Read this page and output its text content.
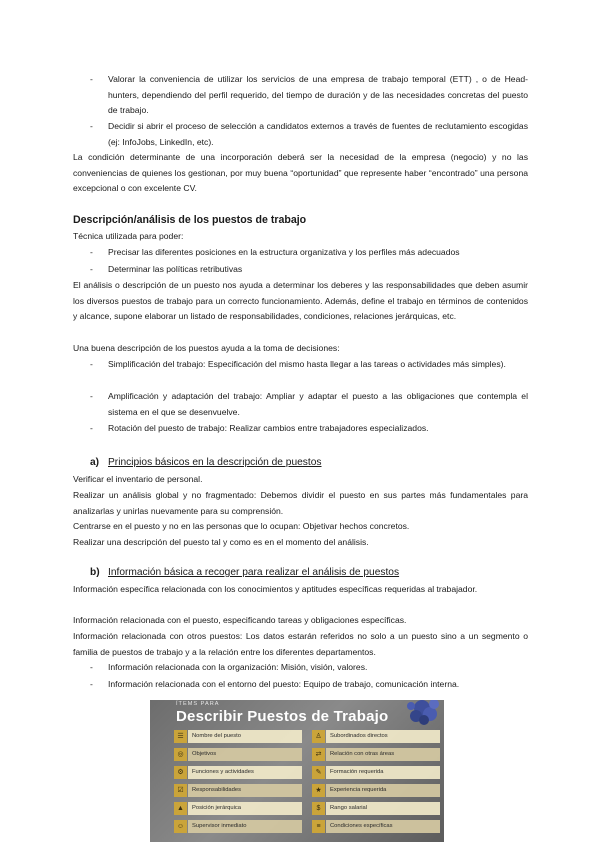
- Valorar la conveniencia de utilizar los servicios de una empresa de trabajo temporal (ETT) , o de Head-hunters, dependiendo del perfil requerido, del tiempo de duración y de las necesidades concretas del puesto de trabajo.
- Decidir si abrir el proceso de selección a candidatos externos a través de fuentes de reclutamiento escogidas (ej: InfoJobs, LinkedIn, etc).
La condición determinante de una incorporación deberá ser la necesidad de la empresa (negocio) y no las conveniencias de quienes los gestionan, por muy buena “oportunidad” que represente haber “encontrado” una persona excepcional o con excelente CV.
Descripción/análisis de los puestos de trabajo
Técnica utilizada para poder:
- Precisar las diferentes posiciones en la estructura organizativa y los perfiles más adecuados
- Determinar las políticas retributivas
El análisis o descripción de un puesto nos ayuda a determinar los deberes y las responsabilidades que deben asumir los diversos puestos de trabajo para un correcto funcionamiento. Además, define el trabajo en términos de contenidos y alcance, supone elaborar un listado de responsabilidades, condiciones, relaciones jerárquicas, etc.
Una buena descripción de los puestos ayuda a la toma de decisiones:
- Simplificación del trabajo: Especificación del mismo hasta llegar a las tareas o actividades más simples).
- Amplificación y adaptación del trabajo: Ampliar y adaptar el puesto a las obligaciones que contempla el sistema en el que se desenvuelve.
- Rotación del puesto de trabajo: Realizar cambios entre trabajadores especializados.
a) Principios básicos en la descripción de puestos
Verificar el inventario de personal.
Realizar un análisis global y no fragmentado: Debemos dividir el puesto en sus partes más fundamentales para analizarlas y unirlas nuevamente para su comprensión.
Centrarse en el puesto y no en las personas que lo ocupan: Objetivar hechos concretos.
Realizar una descripción del puesto tal y como es en el momento del análisis.
b) Información básica a recoger para realizar el análisis de puestos
Información específica relacionada con los conocimientos y aptitudes específicas requeridas al trabajador.
Información relacionada con el puesto, especificando tareas y obligaciones específicas.
Información relacionada con otros puestos: Los datos estarán referidos no solo a un puesto sino a un segmento o familia de puestos de trabajo y a la relación entre los diferentes departamentos.
- Información relacionada con la organización: Misión, visión, valores.
- Información relacionada con el entorno del puesto: Equipo de trabajo, comunicación interna.
ÍTEMS PARA
Describir Puestos de Trabajo
☰	Nombre del puesto	♙	Subordinados directos
◎	Objetivos	⇄	Relación con otras áreas
⚙	Funciones y actividades	✎	Formación requerida
☑	Responsabilidades	★	Experiencia requerida
▲	Posición jerárquica	$	Rango salarial
☺	Supervisor inmediato	≡	Condiciones específicas
